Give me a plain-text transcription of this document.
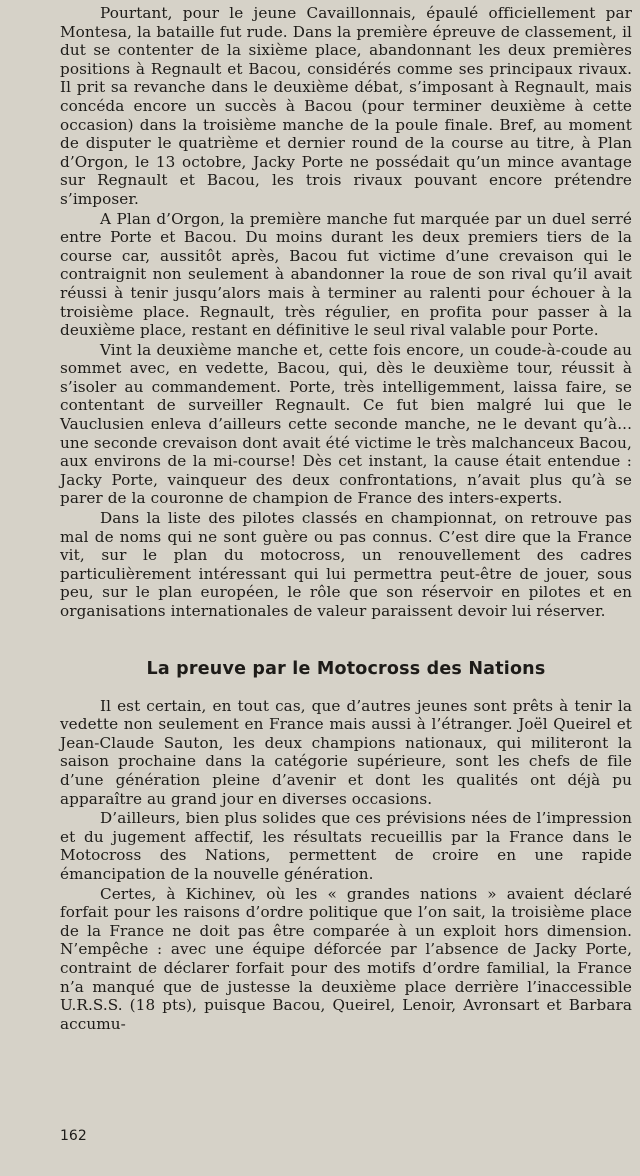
Pourtant, pour le jeune Cavaillonnais, épaulé officiellement par Montesa, la bataille fut rude. Dans la première épreuve de classement, il dut se contenter de la sixième place, abandonnant les deux premières positions à Regnault et Bacou, considérés comme ses principaux rivaux. Il prit sa revanche dans le deuxième débat, s’imposant à Regnault, mais concéda encore un succès à Bacou (pour terminer deuxième à cette occasion) dans la troisième manche de la poule finale. Bref, au moment de disputer le quatrième et dernier round de la course au titre, à Plan d’Orgon, le 13 octobre, Jacky Porte ne possédait qu’un mince avantage sur Regnault et Bacou, les trois rivaux pouvant encore prétendre s’imposer.

A Plan d’Orgon, la première manche fut marquée par un duel serré entre Porte et Bacou. Du moins durant les deux premiers tiers de la course car, aussitôt après, Bacou fut victime d’une crevaison qui le contraignit non seulement à abandonner la roue de son rival qu’il avait réussi à tenir jusqu’alors mais à terminer au ralenti pour échouer à la troisième place. Regnault, très régulier, en profita pour passer à la deuxième place, restant en définitive le seul rival valable pour Porte.

Vint la deuxième manche et, cette fois encore, un coude-à-coude au sommet avec, en vedette, Bacou, qui, dès le deuxième tour, réussit à s’isoler au commandement. Porte, très intelligemment, laissa faire, se contentant de surveiller Regnault. Ce fut bien malgré lui que le Vauclusien enleva d’ailleurs cette seconde manche, ne le devant qu’à... une seconde crevaison dont avait été victime le très malchanceux Bacou, aux environs de la mi-course! Dès cet instant, la cause était entendue : Jacky Porte, vainqueur des deux confrontations, n’avait plus qu’à se parer de la couronne de champion de France des inters-experts.

Dans la liste des pilotes classés en championnat, on retrouve pas mal de noms qui ne sont guère ou pas connus. C’est dire que la France vit, sur le plan du motocross, un renouvellement des cadres particulièrement intéressant qui lui permettra peut-être de jouer, sous peu, sur le plan européen, le rôle que son réservoir en pilotes et en organisations internationales de valeur paraissent devoir lui réserver.

La preuve par le Motocross des Nations

Il est certain, en tout cas, que d’autres jeunes sont prêts à tenir la vedette non seulement en France mais aussi à l’étranger. Joël Queirel et Jean-Claude Sauton, les deux champions nationaux, qui militeront la saison prochaine dans la catégorie supérieure, sont les chefs de file d’une génération pleine d’avenir et dont les qualités ont déjà pu apparaître au grand jour en diverses occasions.

D’ailleurs, bien plus solides que ces prévisions nées de l’impression et du jugement affectif, les résultats recueillis par la France dans le Motocross des Nations, permettent de croire en une rapide émancipation de la nouvelle génération.

Certes, à Kichinev, où les « grandes nations » avaient déclaré forfait pour les raisons d’ordre politique que l’on sait, la troisième place de la France ne doit pas être comparée à un exploit hors dimension. N’empêche : avec une équipe déforcée par l’absence de Jacky Porte, contraint de déclarer forfait pour des motifs d’ordre familial, la France n’a manqué que de justesse la deuxième place derrière l’inaccessible U.R.S.S. (18 pts), puisque Bacou, Queirel, Lenoir, Avronsart et Barbara accumu-

162
